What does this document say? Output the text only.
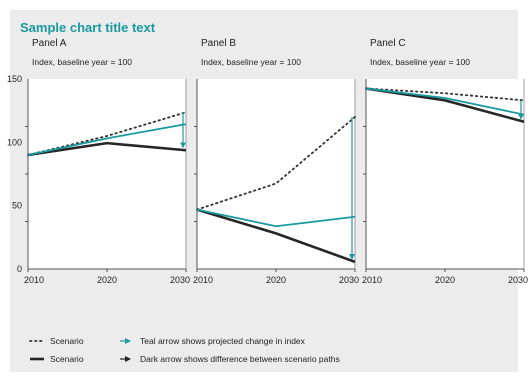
Sample chart title text
Panel A
Index, baseline year = 100
150
100
50
0
2010	2020	2030
Panel B
Index, baseline year = 100
2010	2020	2030
Panel C
Index, baseline year = 100
2010	2020	2030
Scenario
Scenario
Teal arrow shows projected change in index
Dark arrow shows difference between scenario paths
